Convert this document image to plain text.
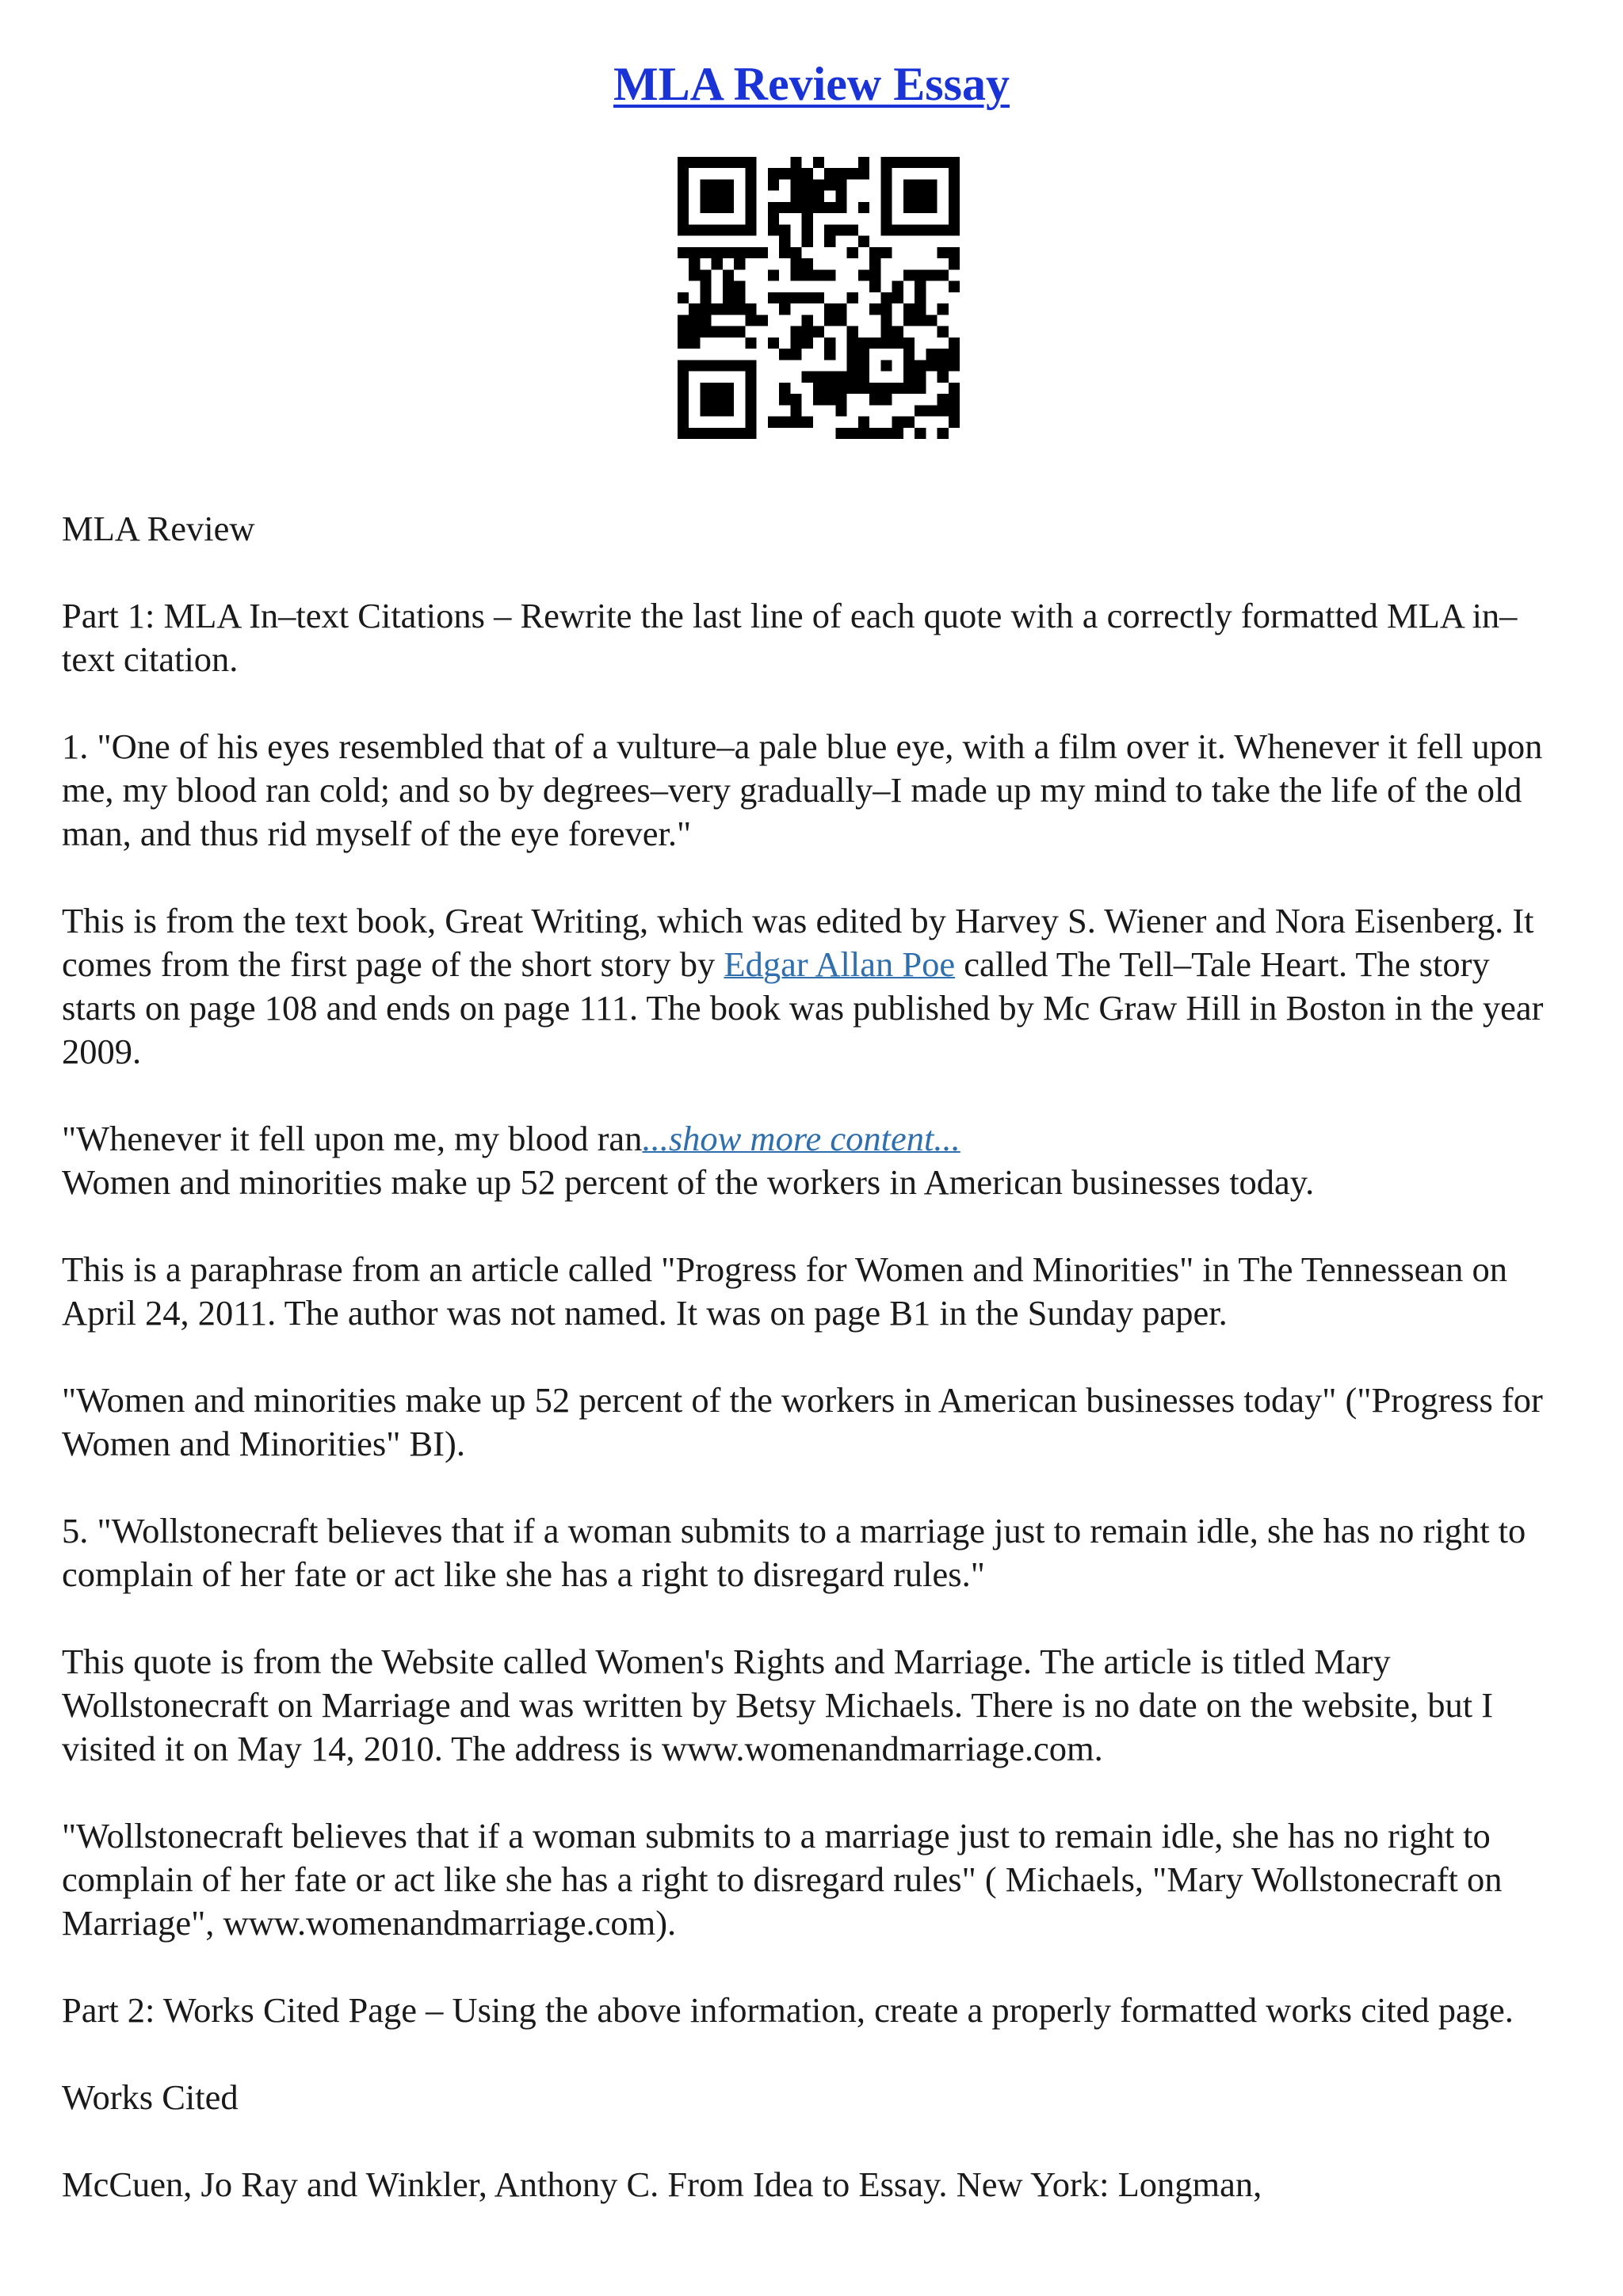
MLA Review Essay

MLA Review

Part 1: MLA In–text Citations – Rewrite the last line of each quote with a correctly formatted MLA in–text citation.

1. "One of his eyes resembled that of a vulture–a pale blue eye, with a film over it. Whenever it fell upon me, my blood ran cold; and so by degrees–very gradually–I made up my mind to take the life of the old man, and thus rid myself of the eye forever."

This is from the text book, Great Writing, which was edited by Harvey S. Wiener and Nora Eisenberg. It comes from the first page of the short story by Edgar Allan Poe called The Tell–Tale Heart. The story starts on page 108 and ends on page 111. The book was published by Mc Graw Hill in Boston in the year 2009.

"Whenever it fell upon me, my blood ran...show more content...

Women and minorities make up 52 percent of the workers in American businesses today.

This is a paraphrase from an article called "Progress for Women and Minorities" in The Tennessean on April 24, 2011. The author was not named. It was on page B1 in the Sunday paper.

"Women and minorities make up 52 percent of the workers in American businesses today" ("Progress for Women and Minorities" BI).

5. "Wollstonecraft believes that if a woman submits to a marriage just to remain idle, she has no right to complain of her fate or act like she has a right to disregard rules."

This quote is from the Website called Women's Rights and Marriage. The article is titled Mary Wollstonecraft on Marriage and was written by Betsy Michaels. There is no date on the website, but I visited it on May 14, 2010. The address is www.womenandmarriage.com.

"Wollstonecraft believes that if a woman submits to a marriage just to remain idle, she has no right to complain of her fate or act like she has a right to disregard rules" ( Michaels, "Mary Wollstonecraft on Marriage", www.womenandmarriage.com).

Part 2: Works Cited Page – Using the above information, create a properly formatted works cited page.

Works Cited

McCuen, Jo Ray and Winkler, Anthony C. From Idea to Essay. New York: Longman,
